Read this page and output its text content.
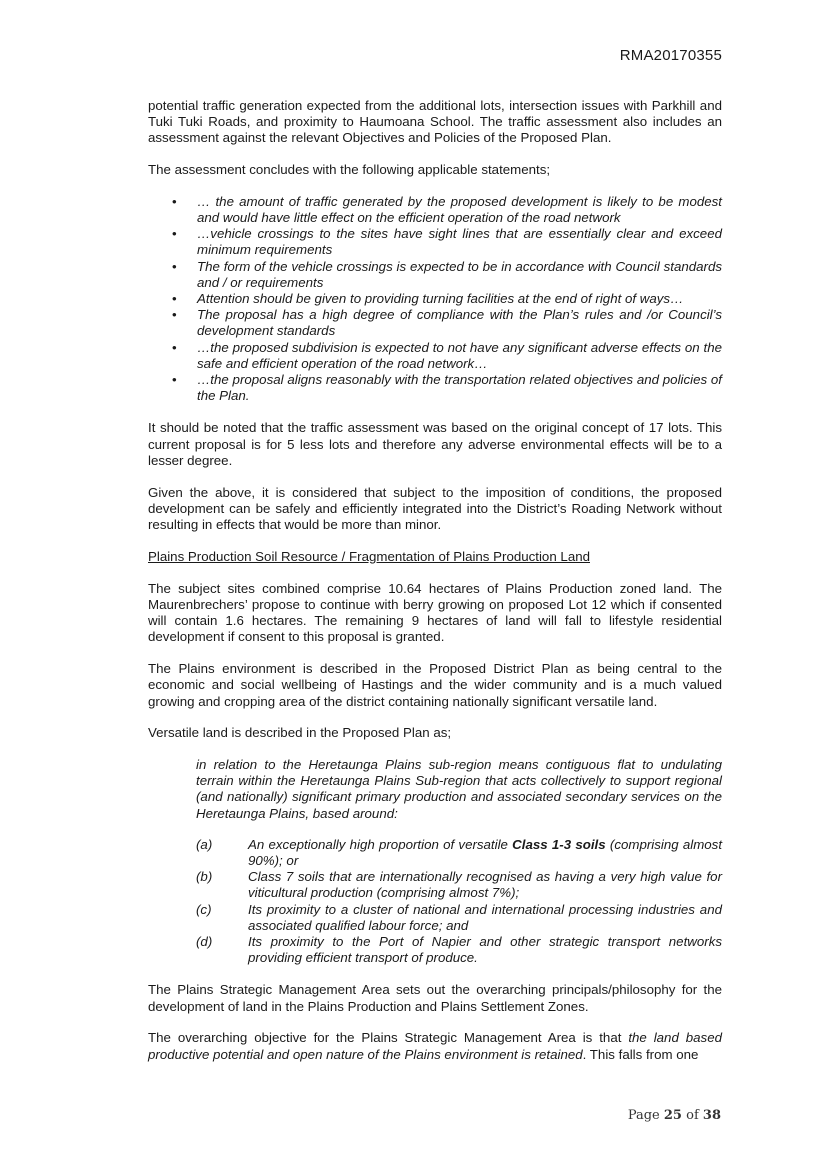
RMA20170355

potential traffic generation expected from the additional lots, intersection issues with Parkhill and Tuki Tuki Roads, and proximity to Haumoana School. The traffic assessment also includes an assessment against the relevant Objectives and Policies of the Proposed Plan.

The assessment concludes with the following applicable statements;

• … the amount of traffic generated by the proposed development is likely to be modest and would have little effect on the efficient operation of the road network
• …vehicle crossings to the sites have sight lines that are essentially clear and exceed minimum requirements
• The form of the vehicle crossings is expected to be in accordance with Council standards and / or requirements
• Attention should be given to providing turning facilities at the end of right of ways…
• The proposal has a high degree of compliance with the Plan’s rules and /or Council’s development standards
• …the proposed subdivision is expected to not have any significant adverse effects on the safe and efficient operation of the road network…
• …the proposal aligns reasonably with the transportation related objectives and policies of the Plan.

It should be noted that the traffic assessment was based on the original concept of 17 lots. This current proposal is for 5 less lots and therefore any adverse environmental effects will be to a lesser degree.

Given the above, it is considered that subject to the imposition of conditions, the proposed development can be safely and efficiently integrated into the District’s Roading Network without resulting in effects that would be more than minor.

Plains Production Soil Resource / Fragmentation of Plains Production Land

The subject sites combined comprise 10.64 hectares of Plains Production zoned land. The Maurenbrechers’ propose to continue with berry growing on proposed Lot 12 which if consented will contain 1.6 hectares. The remaining 9 hectares of land will fall to lifestyle residential development if consent to this proposal is granted.

The Plains environment is described in the Proposed District Plan as being central to the economic and social wellbeing of Hastings and the wider community and is a much valued growing and cropping area of the district containing nationally significant versatile land.

Versatile land is described in the Proposed Plan as;

in relation to the Heretaunga Plains sub-region means contiguous flat to undulating terrain within the Heretaunga Plains Sub-region that acts collectively to support regional (and nationally) significant primary production and associated secondary services on the Heretaunga Plains, based around:
(a)	An exceptionally high proportion of versatile Class 1-3 soils (comprising almost 90%); or
(b)	Class 7 soils that are internationally recognised as having a very high value for viticultural production (comprising almost 7%);
(c)	Its proximity to a cluster of national and international processing industries and associated qualified labour force; and
(d)	Its proximity to the Port of Napier and other strategic transport networks providing efficient transport of produce.

The Plains Strategic Management Area sets out the overarching principals/philosophy for the development of land in the Plains Production and Plains Settlement Zones.

The overarching objective for the Plains Strategic Management Area is that the land based productive potential and open nature of the Plains environment is retained. This falls from one

Page 25 of 38
